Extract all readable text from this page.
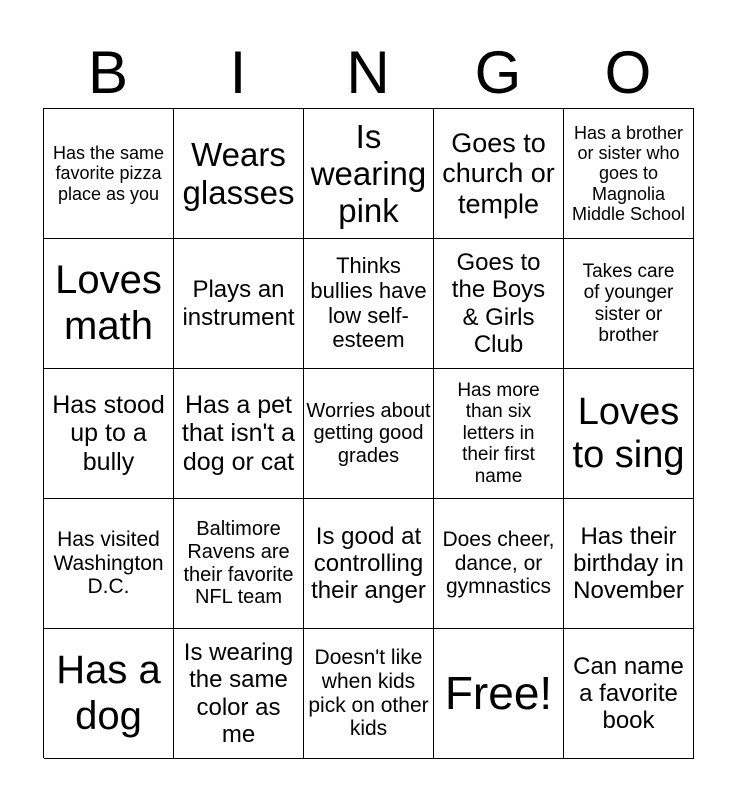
B	I	N	G	O
Has the same favorite pizza place as you
Wears glasses
Is wearing pink
Goes to church or temple
Has a brother or sister who goes to Magnolia Middle School
Loves math
Plays an instrument
Thinks bullies have low self-esteem
Goes to the Boys & Girls Club
Takes care of younger sister or brother
Has stood up to a bully
Has a pet that isn't a dog or cat
Worries about getting good grades
Has more than six letters in their first name
Loves to sing
Has visited Washington D.C.
Baltimore Ravens are their favorite NFL team
Is good at controlling their anger
Does cheer, dance, or gymnastics
Has their birthday in November
Has a dog
Is wearing the same color as me
Doesn't like when kids pick on other kids
Free!
Can name a favorite book
